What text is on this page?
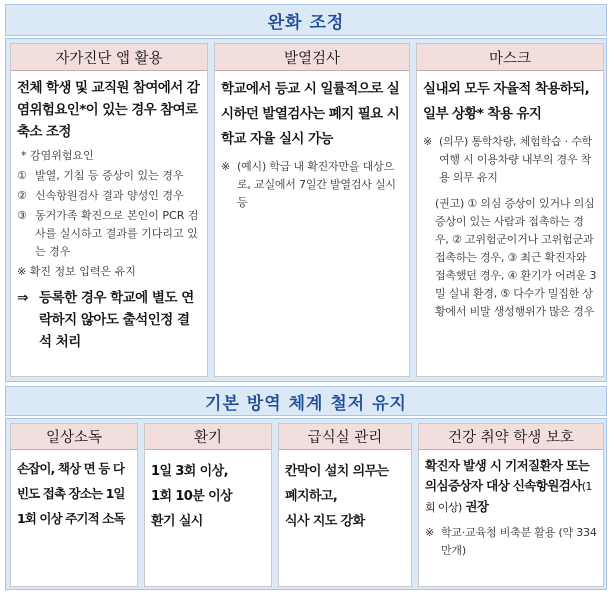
완화 조정
자가진단 앱 활용
전체 학생 및 교직원 참여에서 감염위험요인*이 있는 경우 참여로 축소 조정
* 감염위험요인
① 발열, 기침 등 증상이 있는 경우
② 신속항원검사 결과 양성인 경우
③ 동거가족 확진으로 본인이 PCR 검사를 실시하고 결과를 기다리고 있는 경우
※ 확진 정보 입력은 유지
⇒ 등록한 경우 학교에 별도 연락하지 않아도 출석인정 결석 처리
발열검사
학교에서 등교 시 일률적으로 실시하던 발열검사는 폐지 필요 시 학교 자율 실시 가능
※ (예시) 학급 내 확진자만을 대상으로, 교실에서 7일간 발열검사 실시 등
마스크
실내외 모두 자율적 착용하되, 일부 상황* 착용 유지
※ (의무) 통학차량, 체험학습 · 수학여행 시 이용차량 내부의 경우 착용 의무 유지
(권고) ① 의심 증상이 있거나 의심 증상이 있는 사람과 접촉하는 경우, ② 고위험군이거나 고위험군과 접촉하는 경우, ③ 최근 확진자와 접촉했던 경우, ④ 환기가 어려운 3밀 실내 환경, ⑤ 다수가 밀집한 상황에서 비말 생성행위가 많은 경우
기본 방역 체계 철저 유지
일상소독
손잡이, 책상 면 등 다빈도 접촉 장소는 1일 1회 이상 주기적 소독
환기
1일 3회 이상,
1회 10분 이상
환기 실시
급식실 관리
칸막이 설치 의무는
폐지하고,
식사 지도 강화
건강 취약 학생 보호
확진자 발생 시 기저질환자 또는 의심증상자 대상 신속항원검사(1회 이상) 권장
※ 학교·교육청 비축분 활용 (약 334만개)
